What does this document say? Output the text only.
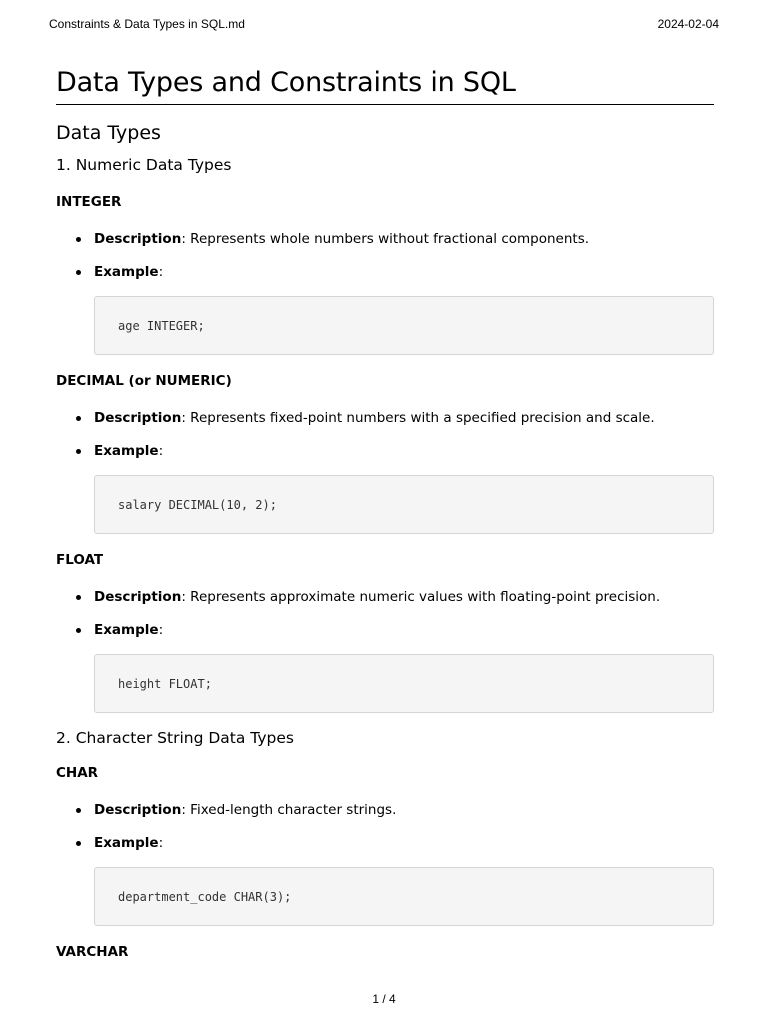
Constraints & Data Types in SQL.md	2024-02-04
Data Types and Constraints in SQL
Data Types
1. Numeric Data Types
INTEGER
Description: Represents whole numbers without fractional components.
Example:
age INTEGER;
DECIMAL (or NUMERIC)
Description: Represents fixed-point numbers with a specified precision and scale.
Example:
salary DECIMAL(10, 2);
FLOAT
Description: Represents approximate numeric values with floating-point precision.
Example:
height FLOAT;
2. Character String Data Types
CHAR
Description: Fixed-length character strings.
Example:
department_code CHAR(3);
VARCHAR
1 / 4
